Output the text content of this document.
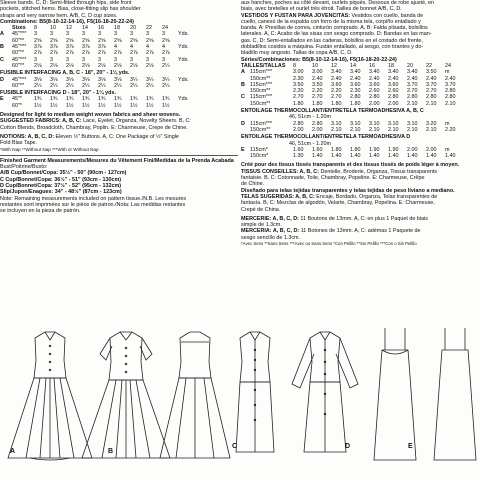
Sleeve bands. C, D: Semi-fitted through hips, side front
pockets, stitched hems. Bias, close-fitting slip has shoulder
straps and very narrow hem. A/B, C, D cup sizes.
Combinations: B5(8-10-12-14-16), F5(16-18-20-22-24)
Sizes	8	10	12	14	16	18	20	22	24
A	45"***	3	3	3	3	3	3	3	3	3	Yds.
60"**	2⅝	2⅝	2⅝	2⅝	2⅝	2⅝	2⅝	2⅝	2⅝
B	45"***	3⅞	3⅞	3⅞	3⅞	3⅞	4	4	4	4	Yds.
60"**	2⅞	2⅞	2⅞	2⅞	2⅞	2⅞	2⅞	2⅞	2⅞
C	45"***	3	3	3	3	3	3	3	3	3	Yds.
60"**	2⅛	2⅛	2⅛	2⅛	2⅛	2⅛	2⅛	2⅛	2¼
FUSIBLE INTERFACING A, B, C - 18", 20" - 1⅛ yds.
D	45"***	3⅛	3⅛	3⅛	3⅛	3⅛	3⅛	3¼	3¼	3¼	Yds.
60"**	2¼	2¼	2¼	2¼	2¼	2¼	2¼	2¼	2¼
FUSIBLE INTERFACING D - 18", 20" - 1¼ yds.
E	45"*	1¾	1¾	1¾	1¾	1¾	1¾	1¾	1¾	1¾	Yds.
60"*	1½	1½	1½	1½	1½	1½	1½	1½	1½
Designed for light to medium weight woven fabrics and sheer wovens.
SUGGESTED FABRICS: A, B, C: Lace, Eyelet, Organza, Novelty Sheers. B, C:
Cotton Blends, Broadcloth, Chambray, Poplin. E: Charmeuse, Crepe de Chine.
NOTIONS: A, B, C, D: Eleven ½" Buttons. A, C: One Package of ½" Single
Fold Bias Tape.
*With Nap **Without Nap ***With or Without Nap
Finished Garment Measurements/Mesures du Vêtement Fini/Medidas de la Prenda Acabada
Bust/Poitrine/Busto:
A/B Cup/Bonnet/Copa: 35½" - 50" (90cm - 127cm)
C Cup/Bonnet/Copa: 36½" - 51" (93cm - 130cm)
D Cup/Bonnet/Copa: 37½" - 52" (95cm - 132cm)
Slip/Jupon/Enagues: 34" - 48½" (87cm - 123cm)
Note: Remaining measurements included on pattern tissue./N.B. Les mesures
restantes sont imprimées sur le pièce de patron./Nota: Las medidas restantes
se incluyen en la pieza de patrón.
aux hanches, poches au côté devant, ourlets piqués. Dessous de robe ajusté, en
biais, avec bretelles et ourlet très étroit. Tailles de bonnet A/B, C, D.
VESTIDOS Y FUSTÁN PARA JOVENCITAS: Vestidos con cuello, banda de
cuello, canesú de la espalda con forro de la misma tela, corpiño entallado y
banda. A: Presillas de correa, cinturón comprado. A, B: Falda plisada, bolsillos
laterales. A, C: Acabo de las sisas con sesgo comprado. D: Bandas en las man-
gas. C, D: Semi-entallados en las caderas, bolsillos en el costado del frente,
dobladillos cosidos a máquina. Fustán entallado, al sesgo, con tirantes y do-
bladillo muy angosto. Tallas de copa A/B, C, D.
Séries/Combinaciones: B5(8-10-12-14-16), F5(16-18-20-22-24)
TAILLES/TALLAS	8	10	12	14	16	18	20	22	24
A 115cm***	3.00	3.00	3.40	3.40	3.40	3.40	3.40	3.50	m
150cm**	2.30	2.40	2.40	2.40	2.40	2.40	2.40	2.40	2.40
B 115cm***	3.50	3.50	3.60	3.60	3.60	3.60	3.70	3.70	3.70
150cm**	2.20	2.20	2.20	2.30	2.60	2.60	2.70	2.70	2.80
C 115cm***	2.70	2.70	2.70	2.80	2.80	2.80	2.80	2.80	2.80
150cm**	1.80	1.80	1.80	1.80	2.00	2.00	2.10	2.10	2.10
ENTOILAGE THERMOCOLLANT/ENTRETELA TERMOADHESIVA A, B, C
46, 51cm - 1.20m
D 115cm***	2.80	2.80	3.10	3.10	3.10	3.10	3.10	3.20	m
150cm**	2.00	2.00	2.10	2.10	2.10	2.10	2.10	2.10	2.20
ENTOILAGE THERMOCOLLANT/ENTRETELA TERMOADHESIVA D
46, 51cm - 1.20m
E 115cm*	1.60	1.60	1.80	1.80	1.90	1.90	2.00	2.00	m
150cm*	1.30	1.40	1.40	1.40	1.40	1.40	1.40	1.40	1.40
Créé pour des tissus tissés transparents et des tissus tissés de poids léger à moyen.
TISSUS CONSEILLÉS: A, B, C: Dentelle, Broderie, Organza, Tissus transparents
fantaisie. B, C: Cotonnade, Toile, Chambray, Popeline. E: Charmeuse, Crêpe
de Chine.
Diseñado para telas tejidas transparentes y telas tejidas de peso liviano a mediano.
TELAS SUGERIDAS: A, B, C: Encaje, Bordado, Organza, Telas transparentes de
fantasía. B, C: Mezclas de algodón, Velarte, Chambray, Popelina. E: Charmeuse,
Crepé de China.
MERCERIE: A, B, C, D: 11 Boutons de 13mm. A, C: en plus 1 Paquet de biais
simple de 1.3cm.
MERCERÍA: A, B, C, D: 11 Botones de 13mm. A, C: adémas 1 Paquete de
sesgo sencillo de 1.3cm.
*Avec Sens **Sans Sens ***Avec ou Sans Sens *Con Pelillo **Sin Pelillo ***Con o Sin Pelillo
A	B
C	D	E
